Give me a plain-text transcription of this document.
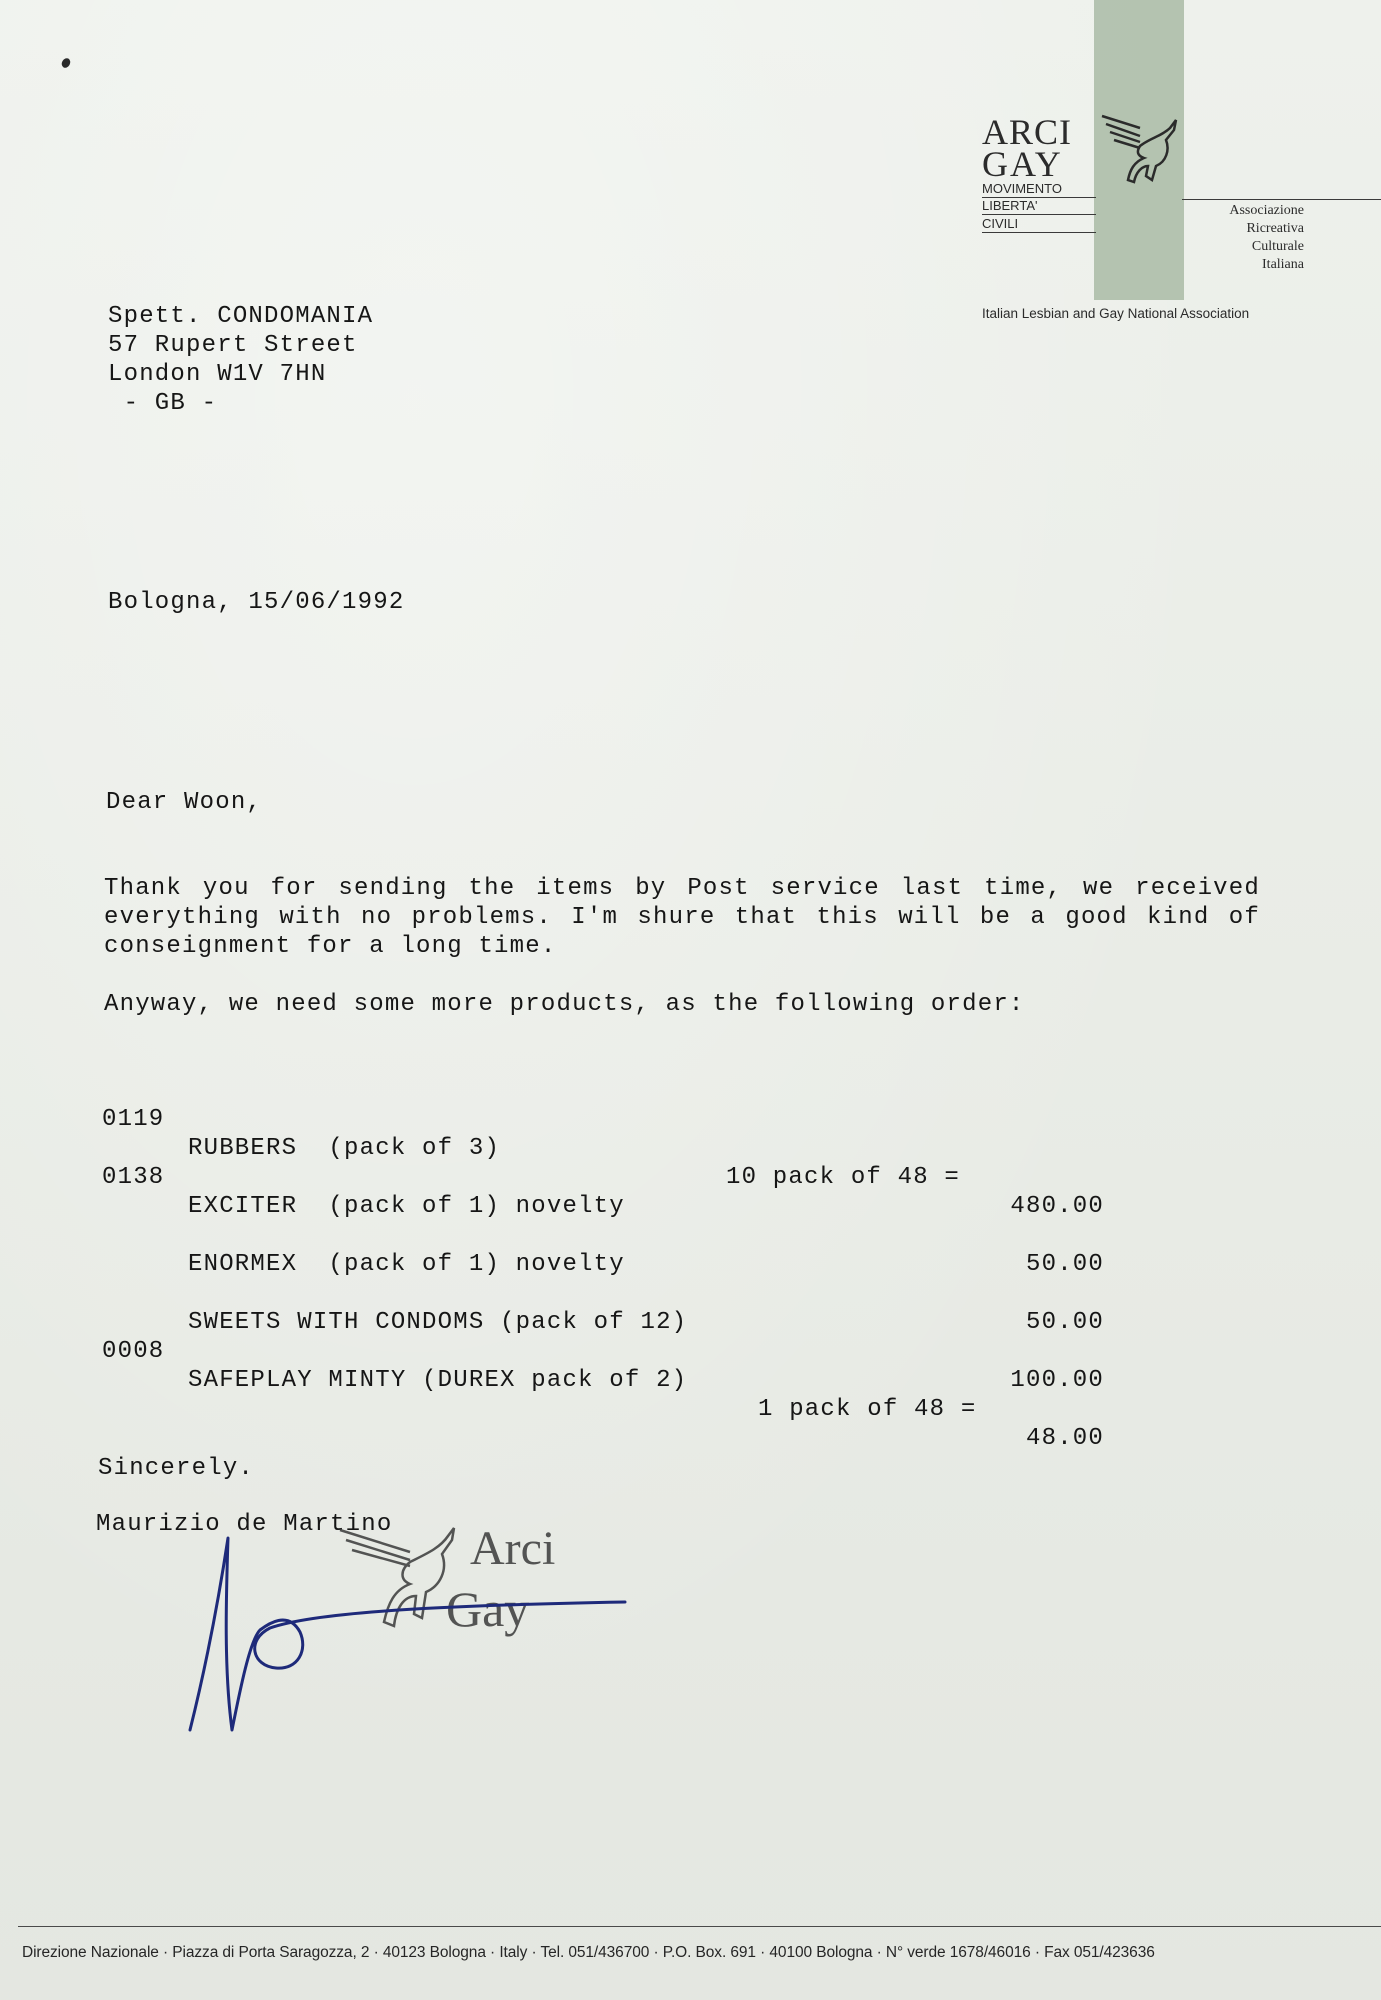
ARCI
GAY
MOVIMENTO
LIBERTA'
CIVILI
Associazione
Ricreativa
Culturale
Italiana
Italian Lesbian and Gay National Association
Spett. CONDOMANIA
57 Rupert Street
London W1V 7HN
- GB -
Bologna, 15/06/1992
Dear Woon,
Thank you for sending the items by Post service last time, we received everything with no problems. I'm shure that this will be a good kind of conseignment for a long time.
Anyway, we need some more products, as the following order:

0119

RUBBERS  (pack of 3)

10 pack of 48 =

480.00

0138

EXCITER  (pack of 1) novelty

50.00

ENORMEX  (pack of 1) novelty

50.00

SWEETS WITH CONDOMS (pack of 12)

100.00

0008

SAFEPLAY MINTY (DUREX pack of 2)

1 pack of 48 =

48.00

Sincerely.
Maurizio de Martino Arci
Gay
Direzione Nazionale · Piazza di Porta Saragozza, 2 · 40123 Bologna · Italy · Tel. 051/436700 · P.O. Box. 691 · 40100 Bologna · N° verde 1678/46016 · Fax 051/423636
